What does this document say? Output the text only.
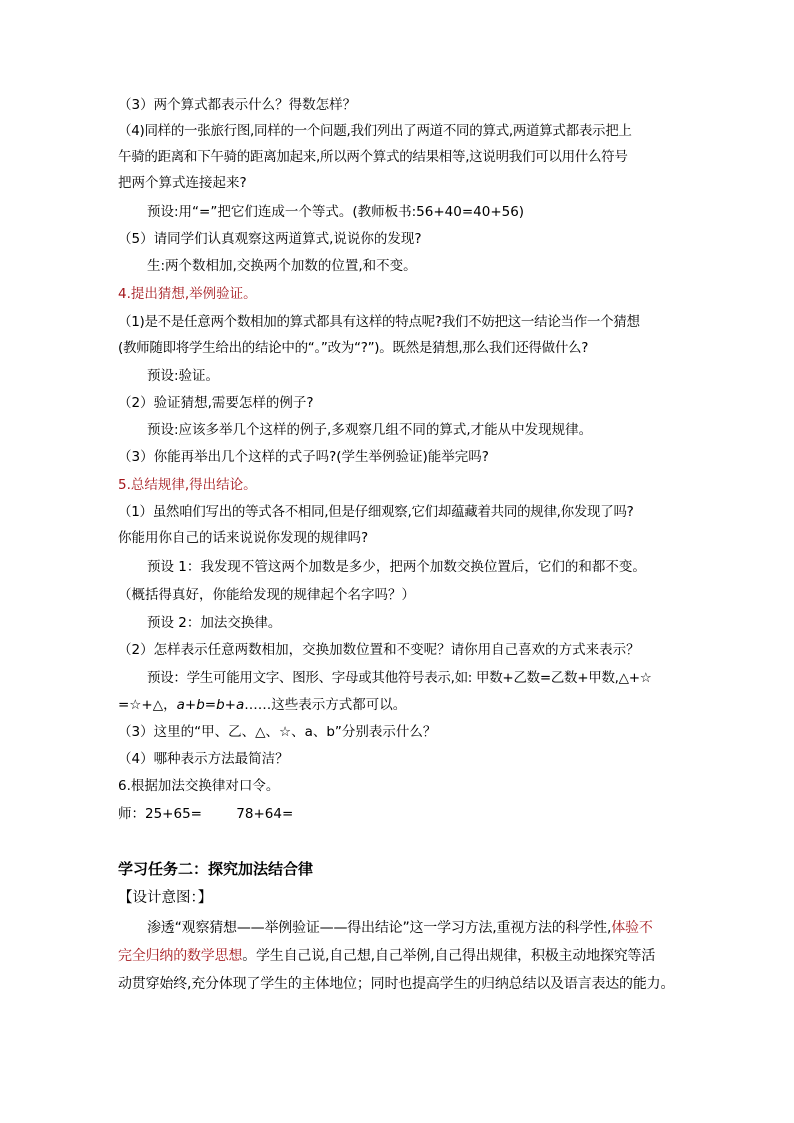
（3）两个算式都表示什么？得数怎样？
（4)同样的一张旅行图,同样的一个问题,我们列出了两道不同的算式,两道算式都表示把上
午骑的距离和下午骑的距离加起来,所以两个算式的结果相等,这说明我们可以用什么符号
把两个算式连接起来?
预设:用“=”把它们连成一个等式。(教师板书:56+40=40+56)
（5）请同学们认真观察这两道算式,说说你的发现?
生:两个数相加,交换两个加数的位置,和不变。
4.提出猜想,举例验证。
（1)是不是任意两个数相加的算式都具有这样的特点呢?我们不妨把这一结论当作一个猜想
(教师随即将学生给出的结论中的“。”改为“?”)。既然是猜想,那么我们还得做什么?
预设:验证。
（2）验证猜想,需要怎样的例子?
预设:应该多举几个这样的例子,多观察几组不同的算式,才能从中发现规律。
（3）你能再举出几个这样的式子吗?(学生举例验证)能举完吗?
5.总结规律,得出结论。
（1）虽然咱们写出的等式各不相同,但是仔细观察,它们却蕴藏着共同的规律,你发现了吗?
你能用你自己的话来说说你发现的规律吗?
预设 1：我发现不管这两个加数是多少，把两个加数交换位置后，它们的和都不变。
（概括得真好，你能给发现的规律起个名字吗？）
预设 2：加法交换律。
（2）怎样表示任意两数相加，交换加数位置和不变呢？请你用自己喜欢的方式来表示？
预设：学生可能用文字、图形、字母或其他符号表示,如: 甲数+乙数=乙数+甲数,△+☆
=☆+△，a+b=b+a……这些表示方式都可以。
（3）这里的“甲、乙、△、☆、a、b”分别表示什么？
（4）哪种表示方法最简洁？
6.根据加法交换律对口令。
师：25+65=        78+64=
学习任务二：探究加法结合律
【设计意图：】
渗透“观察猜想——举例验证——得出结论”这一学习方法,重视方法的科学性,体验不
完全归纳的数学思想。学生自己说,自己想,自己举例,自己得出规律，积极主动地探究等活
动贯穿始终,充分体现了学生的主体地位；同时也提高学生的归纳总结以及语言表达的能力。
